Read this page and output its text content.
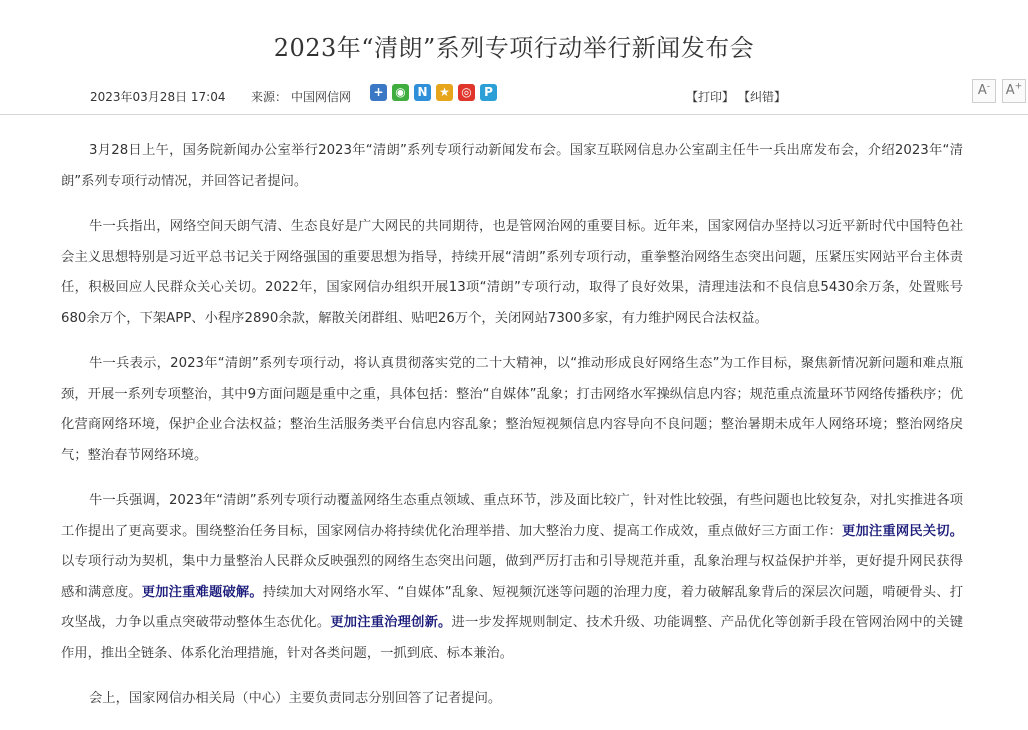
2023年“清朗”系列专项行动举行新闻发布会
2023年03月28日 17:04 来源： 中国网信网 + ◉ N ★ ◎	P	【打印】 【纠错】	A-	A+

3月28日上午，国务院新闻办公室举行2023年“清朗”系列专项行动新闻发布会。国家互联网信息办公室副主任牛一兵出席发布会，介绍2023年“清朗”系列专项行动情况，并回答记者提问。

牛一兵指出，网络空间天朗气清、生态良好是广大网民的共同期待，也是管网治网的重要目标。近年来，国家网信办坚持以习近平新时代中国特色社会主义思想特别是习近平总书记关于网络强国的重要思想为指导，持续开展“清朗”系列专项行动，重拳整治网络生态突出问题，压紧压实网站平台主体责任，积极回应人民群众关心关切。2022年，国家网信办组织开展13项“清朗”专项行动，取得了良好效果，清理违法和不良信息5430余万条，处置账号680余万个，下架APP、小程序2890余款，解散关闭群组、贴吧26万个，关闭网站7300多家，有力维护网民合法权益。

牛一兵表示，2023年“清朗”系列专项行动，将认真贯彻落实党的二十大精神，以“推动形成良好网络生态”为工作目标，聚焦新情况新问题和难点瓶颈，开展一系列专项整治，其中9方面问题是重中之重，具体包括：整治“自媒体”乱象；打击网络水军操纵信息内容；规范重点流量环节网络传播秩序；优化营商网络环境，保护企业合法权益；整治生活服务类平台信息内容乱象；整治短视频信息内容导向不良问题；整治暑期未成年人网络环境；整治网络戾气；整治春节网络环境。

牛一兵强调，2023年“清朗”系列专项行动覆盖网络生态重点领域、重点环节，涉及面比较广，针对性比较强，有些问题也比较复杂，对扎实推进各项工作提出了更高要求。围绕整治任务目标，国家网信办将持续优化治理举措、加大整治力度、提高工作成效，重点做好三方面工作：更加注重网民关切。以专项行动为契机，集中力量整治人民群众反映强烈的网络生态突出问题，做到严厉打击和引导规范并重，乱象治理与权益保护并举，更好提升网民获得感和满意度。更加注重难题破解。持续加大对网络水军、“自媒体”乱象、短视频沉迷等问题的治理力度，着力破解乱象背后的深层次问题，啃硬骨头、打攻坚战，力争以重点突破带动整体生态优化。更加注重治理创新。进一步发挥规则制定、技术升级、功能调整、产品优化等创新手段在管网治网中的关键作用，推出全链条、体系化治理措施，针对各类问题，一抓到底、标本兼治。

会上，国家网信办相关局（中心）主要负责同志分别回答了记者提问。
